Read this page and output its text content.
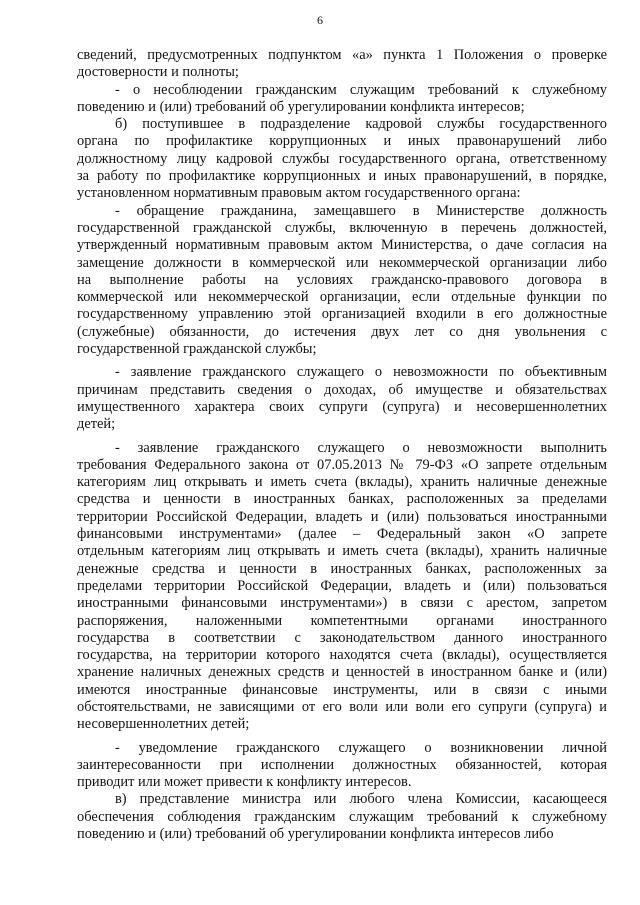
6
сведений, предусмотренных подпунктом «а» пункта 1 Положения о проверке
достоверности и полноты;
- о несоблюдении гражданским служащим требований к служебному
поведению и (или) требований об урегулировании конфликта интересов;
б) поступившее в подразделение кадровой службы государственного
органа по профилактике коррупционных и иных правонарушений либо
должностному лицу кадровой службы государственного органа, ответственному
за работу по профилактике коррупционных и иных правонарушений, в порядке,
установленном нормативным правовым актом государственного органа:
- обращение гражданина, замещавшего в Министерстве должность
государственной гражданской службы, включенную в перечень должностей,
утвержденный нормативным правовым актом Министерства, о даче согласия на
замещение должности в коммерческой или некоммерческой организации либо
на выполнение работы на условиях гражданско-правового договора в
коммерческой или некоммерческой организации, если отдельные функции по
государственному управлению этой организацией входили в его должностные
(служебные) обязанности, до истечения двух лет со дня увольнения с
государственной гражданской службы;
- заявление гражданского служащего о невозможности по объективным
причинам представить сведения о доходах, об имуществе и обязательствах
имущественного характера своих супруги (супруга) и несовершеннолетних
детей;
- заявление гражданского служащего о невозможности выполнить
требования Федерального закона от 07.05.2013 № 79-ФЗ «О запрете отдельным
категориям лиц открывать и иметь счета (вклады), хранить наличные денежные
средства и ценности в иностранных банках, расположенных за пределами
территории Российской Федерации, владеть и (или) пользоваться иностранными
финансовыми инструментами» (далее – Федеральный закон «О запрете
отдельным категориям лиц открывать и иметь счета (вклады), хранить наличные
денежные средства и ценности в иностранных банках, расположенных за
пределами территории Российской Федерации, владеть и (или) пользоваться
иностранными финансовыми инструментами») в связи с арестом, запретом
распоряжения, наложенными компетентными органами иностранного
государства в соответствии с законодательством данного иностранного
государства, на территории которого находятся счета (вклады), осуществляется
хранение наличных денежных средств и ценностей в иностранном банке и (или)
имеются иностранные финансовые инструменты, или в связи с иными
обстоятельствами, не зависящими от его воли или воли его супруги (супруга) и
несовершеннолетних детей;
- уведомление гражданского служащего о возникновении личной
заинтересованности при исполнении должностных обязанностей, которая
приводит или может привести к конфликту интересов.
в) представление министра или любого члена Комиссии, касающееся
обеспечения соблюдения гражданским служащим требований к служебному
поведению и (или) требований об урегулировании конфликта интересов либо
